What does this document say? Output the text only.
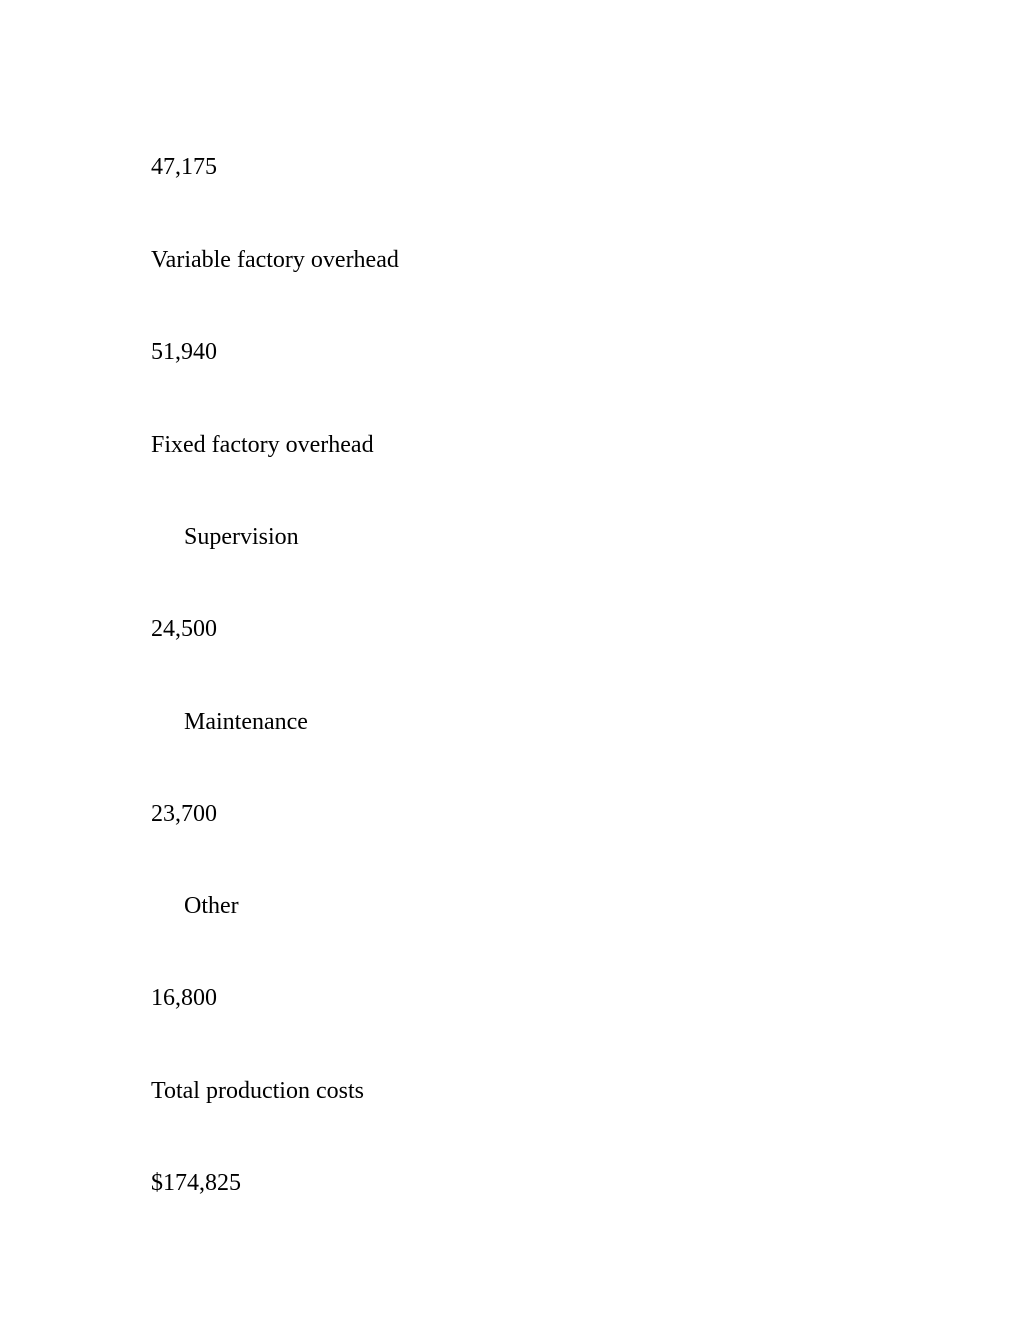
47,175

Variable factory overhead

51,940

Fixed factory overhead

Supervision

24,500

Maintenance

23,700

Other

16,800

Total production costs

$174,825
